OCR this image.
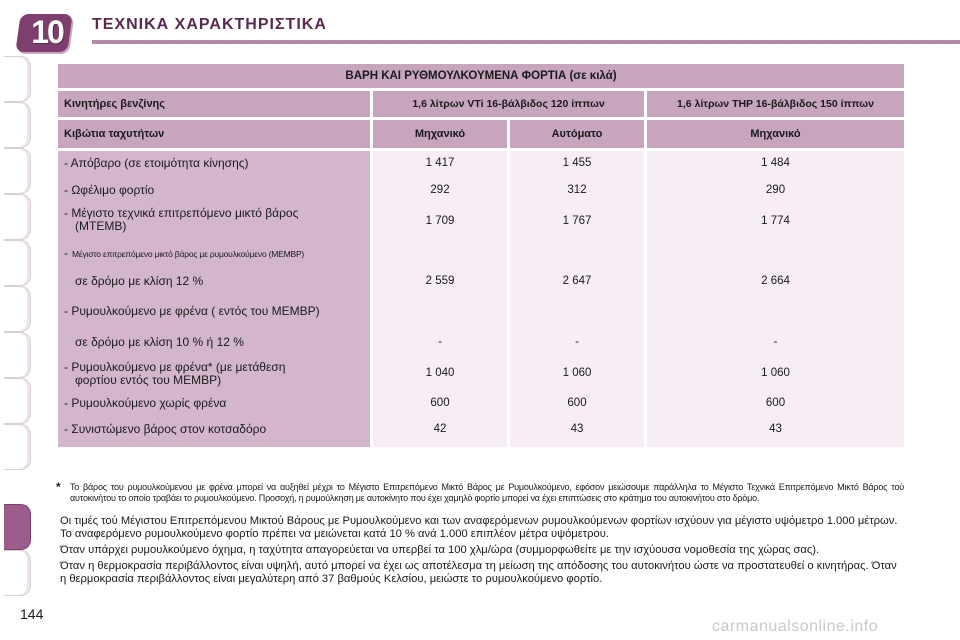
10	ΤΕΧΝΙΚΑ ΧΑΡΑΚΤΗΡΙΣΤΙΚΑ
ΒΑΡΗ ΚΑΙ ΡΥΘΜΟΥΛΚΟΥΜΕΝΑ ΦΟΡΤΙΑ (σε κιλά)
Κινητήρες βενζίνης	1,6 λίτρων VTi 16-βάλβιδος 120 ίππων	1,6 λίτρων THP 16-βάλβιδος 150 ίππων
Κιβώτια ταχυτήτων	Μηχανικό	Αυτόματο	Μηχανικό
- Απόβαρο (σε ετοιμότητα κίνησης)	1 417	1 455	1 484
- Ωφέλιμο φορτίο	292	312	290
- Μέγιστο τεχνικά επιτρεπόμενο μικτό βάρος
(MTEMB)	1 709	1 767	1 774
- Μέγιστο επιτρεπόμενο μικτό βάρος με ρυμουλκούμενο (MEMBP)
σε δρόμο με κλίση 12 %	2 559	2 647	2 664
- Ρυμουλκούμενο με φρένα ( εντός του MEMBP)
σε δρόμο με κλίση 10 % ή 12 %	-	-	-
- Ρυμουλκούμενο με φρένα* (με μετάθεση
φορτίου εντός του MEMBP)	1 040	1 060	1 060
- Ρυμουλκούμενο χωρίς φρένα	600	600	600
- Συνιστώμενο βάρος στον κοτσαδόρο	42	43	43
*	Το βάρος του ρυμουλκούμενου με φρένα μπορεί να αυξηθεί μέχρι το Μέγιστο Επιτρεπόμενο Μικτό Βάρος με Ρυμουλκούμενο, εφόσον μειώσουμε παράλληλα το Μέγιστο Τεχνικά Επιτρεπόμενο Μικτό Βάρος τού αυτοκινήτου το οποίο τραβάει το ρυμουλκούμενο. Προσοχή, η ρυμούλκηση με αυτοκίνητο που έχει χαμηλό φορτίο μπορεί να έχει επιπτώσεις στο κράτημα του αυτοκινήτου στο δρόμο.

Οι τιμές τού Μέγιστου Επιτρεπόμενου Μικτού Βάρους με Ρυμουλκούμενο και των αναφερόμενων ρυμουλκούμενων φορτίων ισχύουν για μέγιστο υψόμετρο 1.000 μέτρων. Το αναφερόμενο ρυμουλκούμενο φορτίο πρέπει να μειώνεται κατά 10 % ανά 1.000 επιπλέον μέτρα υψόμετρου.

Όταν υπάρχει ρυμουλκούμενο όχημα, η ταχύτητα απαγορεύεται να υπερβεί τα 100 χλμ/ώρα (συμμορφωθείτε με την ισχύουσα νομοθεσία της χώρας σας).

Όταν η θερμοκρασία περιβάλλοντος είναι υψηλή, αυτό μπορεί να έχει ως αποτέλεσμα τη μείωση της απόδοσης του αυτοκινήτου ώστε να προστατευθεί ο κινητήρας. Όταν η θερμοκρασία περιβάλλοντος είναι μεγαλύτερη από 37 βαθμούς Κελσίου, μειώστε το ρυμουλκούμενο φορτίο.

144
carmanualsonline.info
